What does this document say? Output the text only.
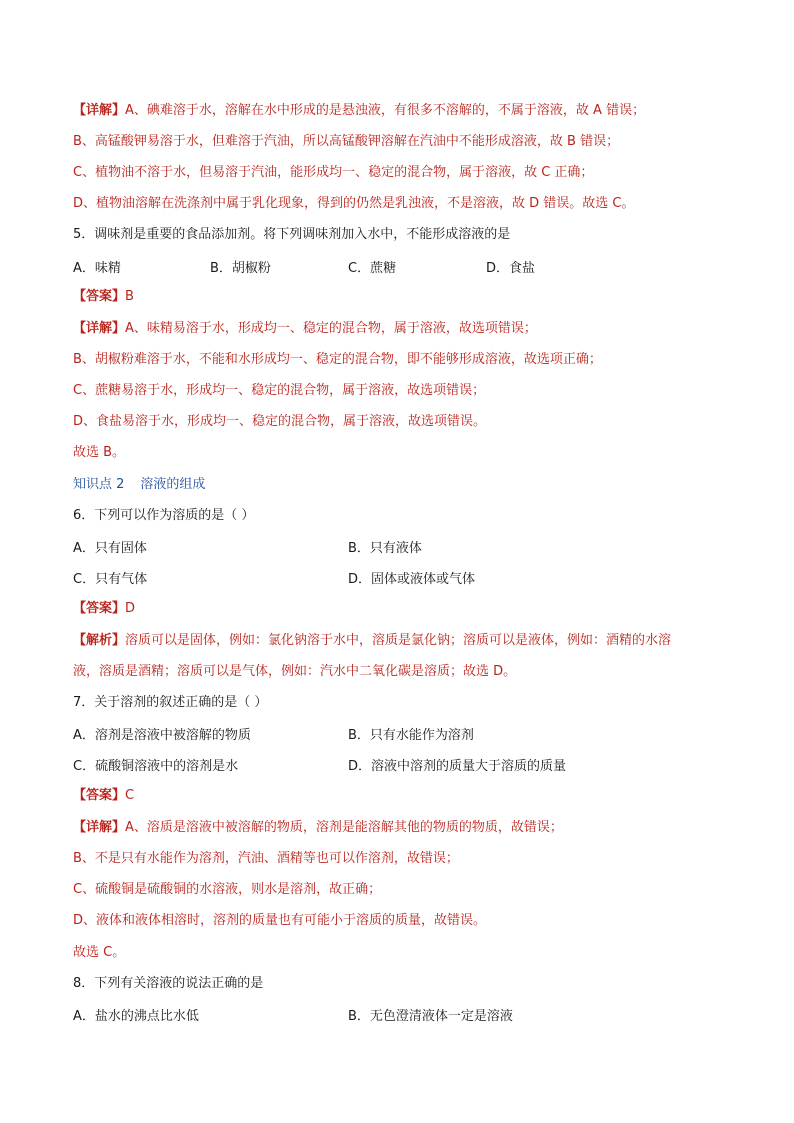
【详解】A、碘难溶于水，溶解在水中形成的是悬浊液，有很多不溶解的，不属于溶液，故 A 错误；
B、高锰酸钾易溶于水，但难溶于汽油，所以高锰酸钾溶解在汽油中不能形成溶液，故 B 错误；
C、植物油不溶于水，但易溶于汽油，能形成均一、稳定的混合物，属于溶液，故 C 正确；
D、植物油溶解在洗涤剂中属于乳化现象，得到的仍然是乳浊液，不是溶液，故 D 错误。故选 C。
5．调味剂是重要的食品添加剂。将下列调味剂加入水中，不能形成溶液的是
A．味精	B．胡椒粉	C．蔗糖	D．食盐
【答案】B
【详解】A、味精易溶于水，形成均一、稳定的混合物，属于溶液，故选项错误；
B、胡椒粉难溶于水，不能和水形成均一、稳定的混合物，即不能够形成溶液，故选项正确；
C、蔗糖易溶于水，形成均一、稳定的混合物，属于溶液，故选项错误；
D、食盐易溶于水，形成均一、稳定的混合物，属于溶液，故选项错误。
故选 B。
知识点 2 溶液的组成
6．下列可以作为溶质的是（ ）
A．只有固体	B．只有液体
C．只有气体	D．固体或液体或气体
【答案】D
【解析】溶质可以是固体，例如：氯化钠溶于水中，溶质是氯化钠；溶质可以是液体，例如：酒精的水溶
液，溶质是酒精；溶质可以是气体，例如：汽水中二氧化碳是溶质；故选 D。
7．关于溶剂的叙述正确的是（ ）
A．溶剂是溶液中被溶解的物质	B．只有水能作为溶剂
C．硫酸铜溶液中的溶剂是水	D．溶液中溶剂的质量大于溶质的质量
【答案】C
【详解】A、溶质是溶液中被溶解的物质，溶剂是能溶解其他的物质的物质，故错误；
B、不是只有水能作为溶剂，汽油、酒精等也可以作溶剂，故错误；
C、硫酸铜是硫酸铜的水溶液，则水是溶剂，故正确；
D、液体和液体相溶时，溶剂的质量也有可能小于溶质的质量，故错误。
故选 C。
8．下列有关溶液的说法正确的是
A．盐水的沸点比水低	B．无色澄清液体一定是溶液
